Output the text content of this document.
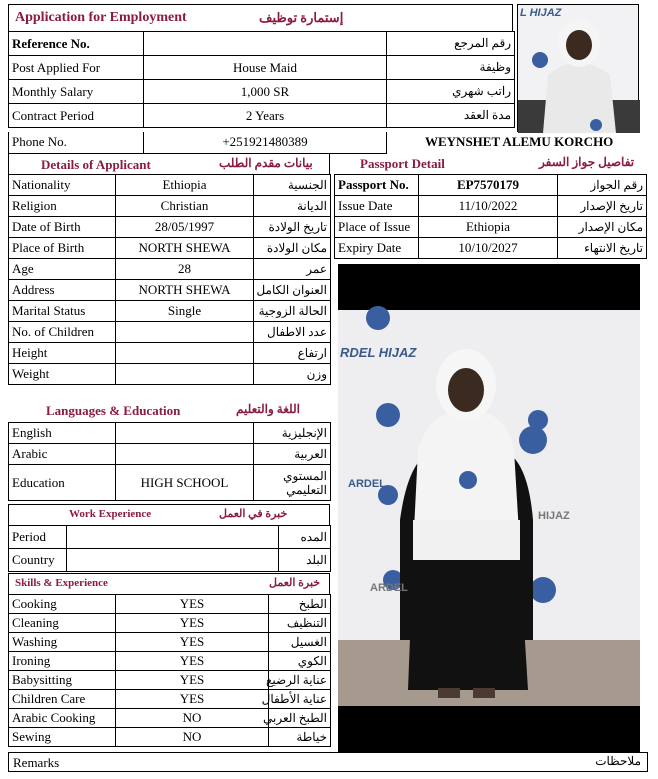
Application for Employment	إستمارة توظيف
Reference No.		رقم المرجع
Post Applied For	House Maid	وظيفة
Monthly Salary	1,000 SR	راتب شهري
Contract Period	2 Years	مدة العقد
L HIJAZ
Phone No.	+251921480389		WEYNSHET ALEMU KORCHO
Details of Applicant	بيانات مقدم الطلب
Nationality	Ethiopia	الجنسية
Religion	Christian	الديانة
Date of Birth	28/05/1997	تاريخ الولادة
Place of Birth	NORTH SHEWA	مكان الولادة
Age	28	عمر
Address	NORTH SHEWA	العنوان الكامل
Marital Status	Single	الحالة الزوجية
No. of Children		عدد الاطفال
Height		ارتفاع
Weight		وزن
Passport Detail	تفاصيل جواز السفر
Passport No.	EP7570179	رقم الجواز
Issue Date	11/10/2022	تاريخ الإصدار
Place of Issue	Ethiopia	مكان الإصدار
Expiry Date	10/10/2027	تاريخ الانتهاء
RDEL HIJAZ
ARDEL
HIJAZ
ARDEL
Languages & Education	اللغة والتعليم
English		الإنجليزية
Arabic		العربية
Education	HIGH SCHOOL	المستوي التعليمي
Work Experience	خبرة في العمل
Period		المده
Country		البلد
Skills & Experience	خبرة العمل
Cooking	YES	الطبخ
Cleaning	YES	التنظيف
Washing	YES	الغسيل
Ironing	YES	الكوي
Babysitting	YES	عناية الرضيع
Children Care	YES	عناية الأطفال
Arabic Cooking	NO	الطبخ العربي
Sewing	NO	خياطة
Remarks	ملاحظات
